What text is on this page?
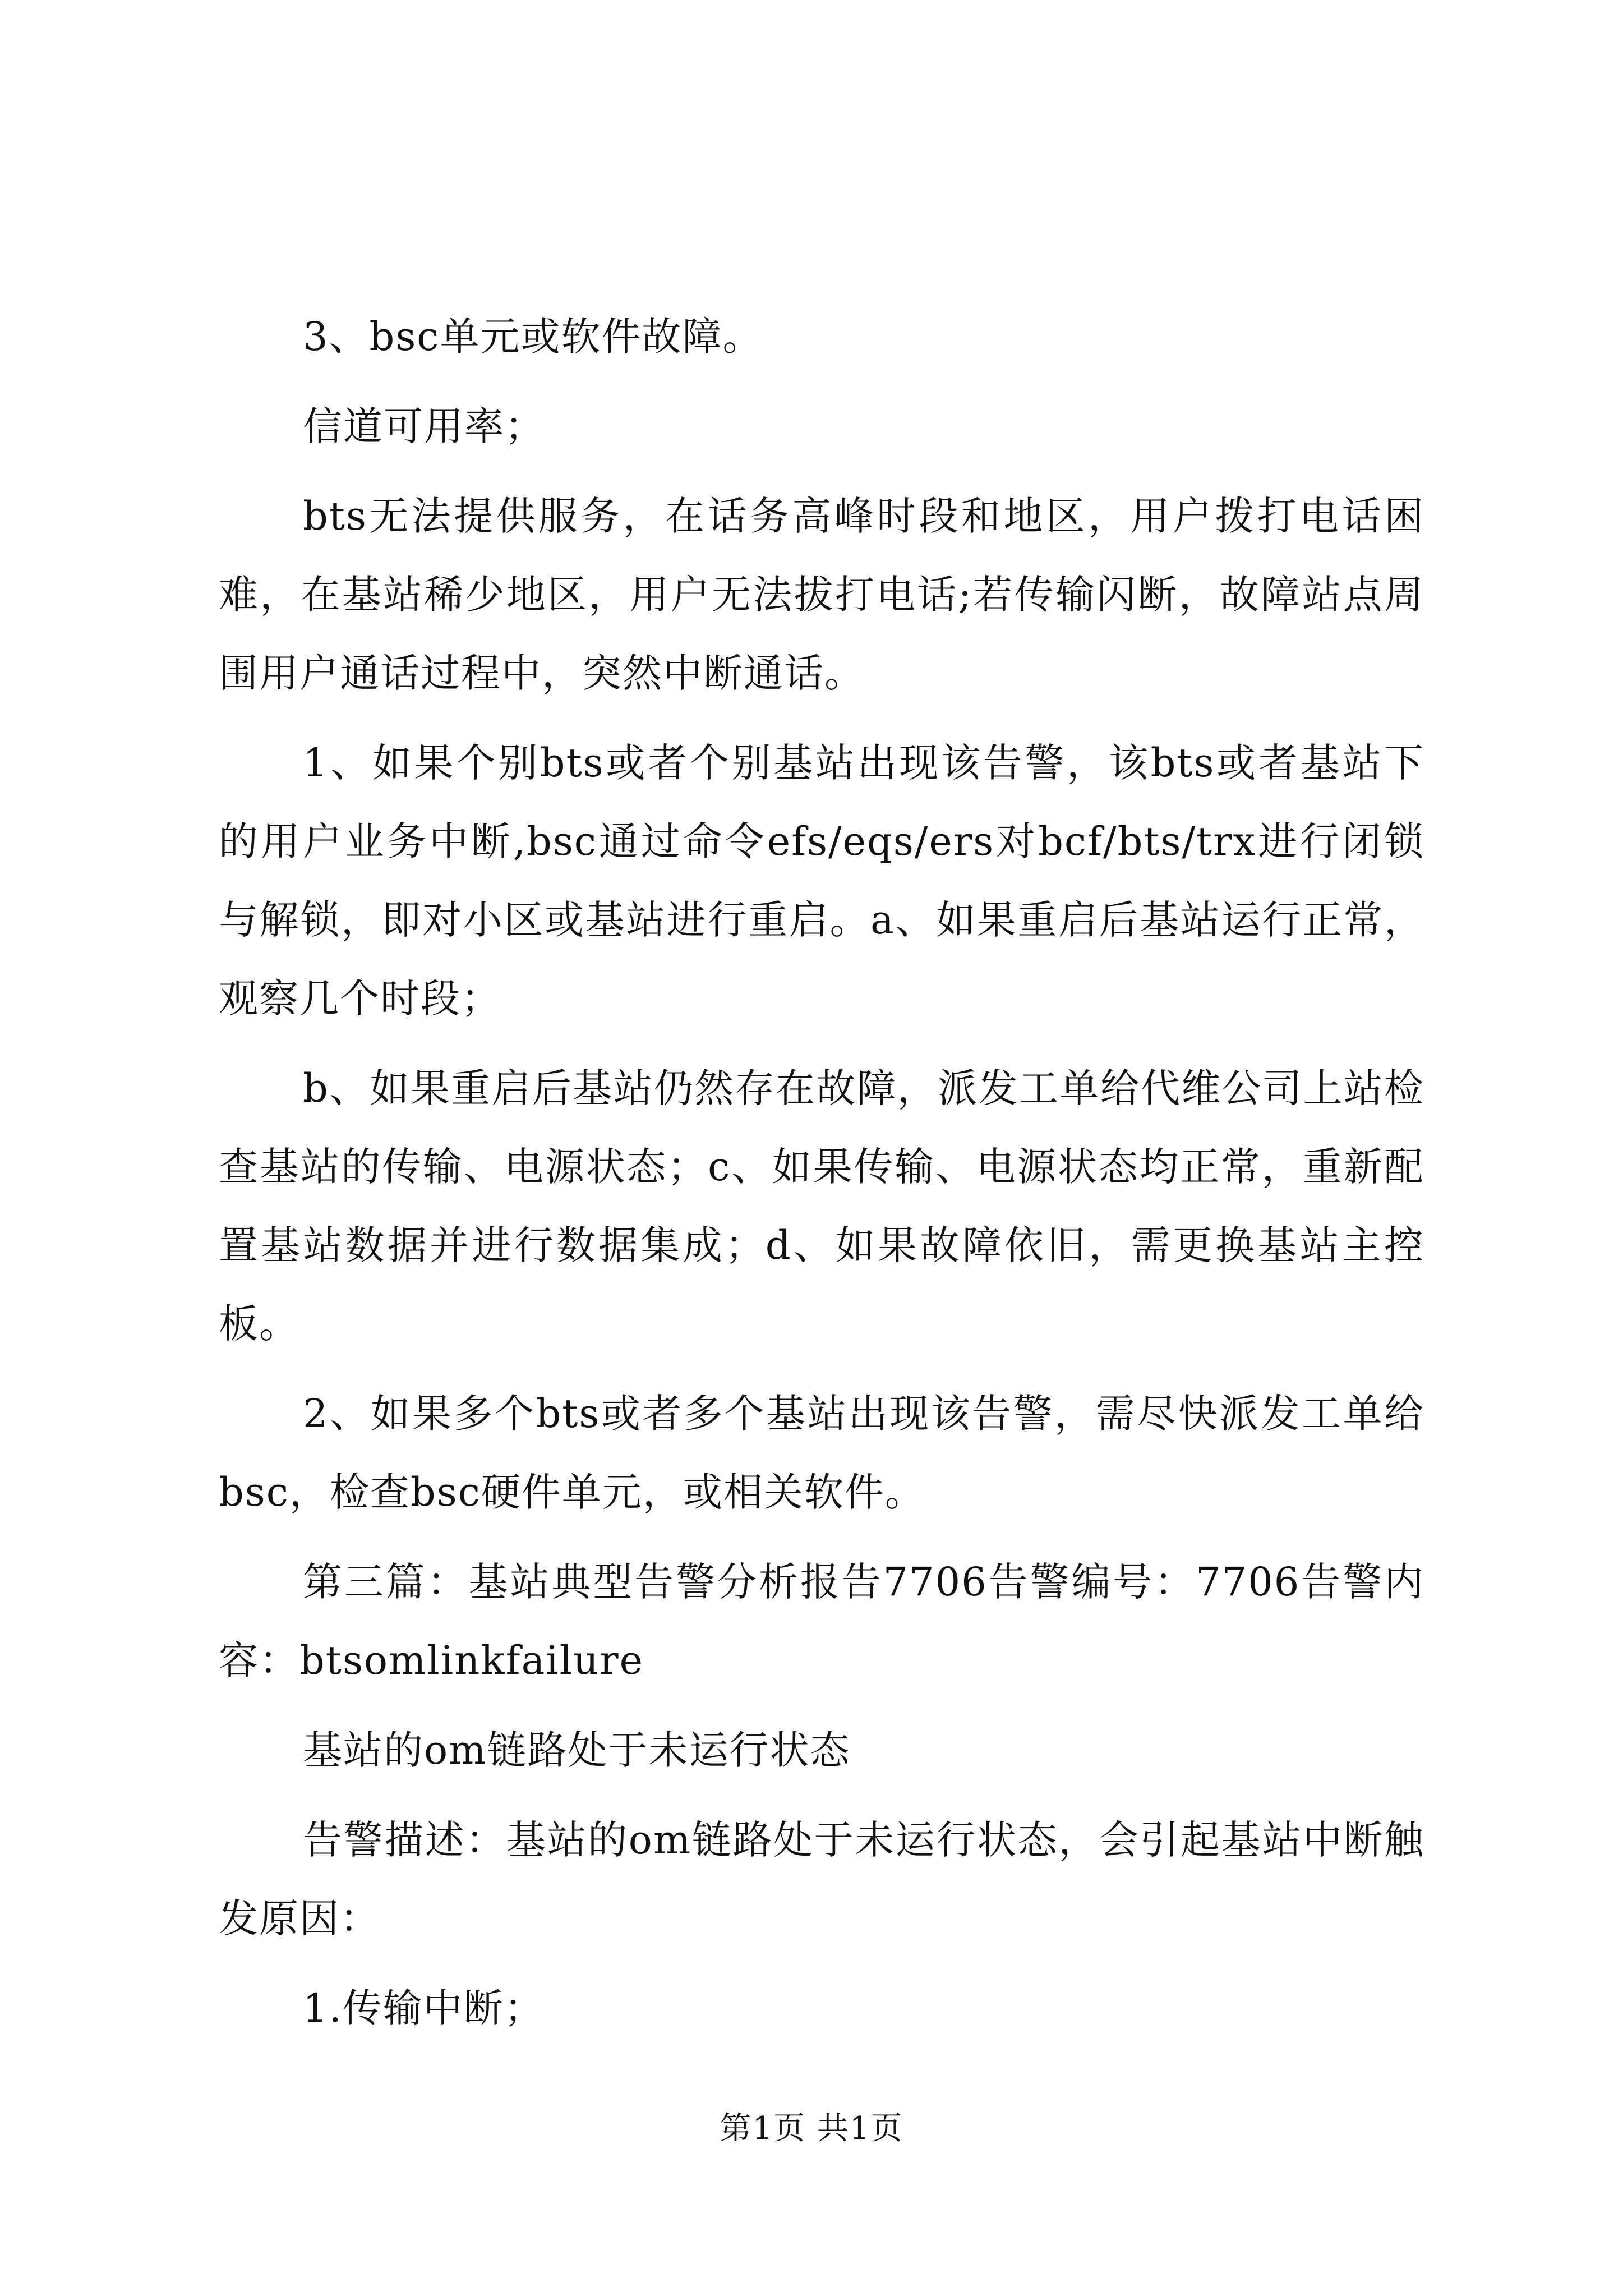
3、bsc单元或软件故障。

信道可用率；

bts无法提供服务，在话务高峰时段和地区，用户拨打电话困难，在基站稀少地区，用户无法拔打电话;若传输闪断，故障站点周围用户通话过程中，突然中断通话。

1、如果个别bts或者个别基站出现该告警，该bts或者基站下的用户业务中断,bsc通过命令efs/eqs/ers对bcf/bts/trx进行闭锁与解锁，即对小区或基站进行重启。a、如果重启后基站运行正常，观察几个时段；

b、如果重启后基站仍然存在故障，派发工单给代维公司上站检查基站的传输、电源状态；c、如果传输、电源状态均正常，重新配置基站数据并进行数据集成；d、如果故障依旧，需更换基站主控板。

2、如果多个bts或者多个基站出现该告警，需尽快派发工单给bsc，检查bsc硬件单元，或相关软件。

第三篇：基站典型告警分析报告7706告警编号：7706告警内容：btsomlinkfailure

基站的om链路处于未运行状态

告警描述：基站的om链路处于未运行状态，会引起基站中断触发原因：

1.传输中断；

第1页 共1页
